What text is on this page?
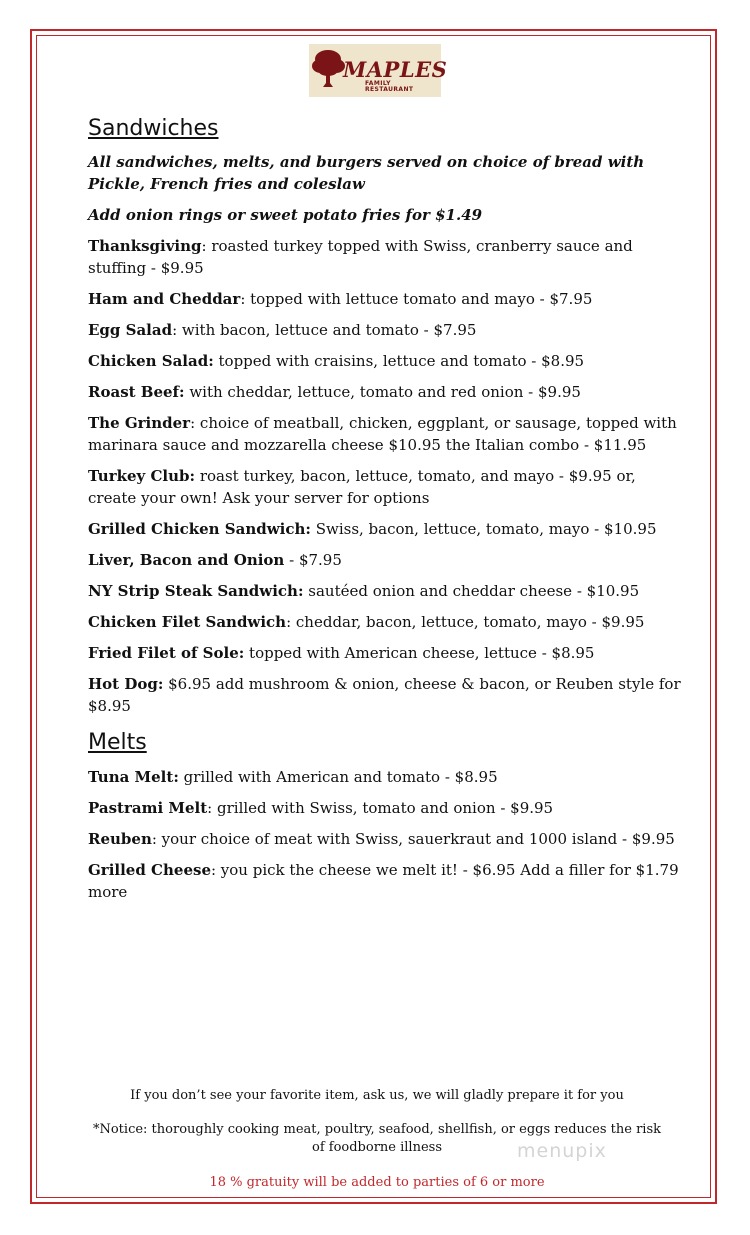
MAPLES
FAMILY RESTAURANT
Sandwiches
All sandwiches, melts, and burgers served on choice of bread with Pickle, French fries and coleslaw
Add onion rings or sweet potato fries for $1.49
Thanksgiving: roasted turkey topped with Swiss, cranberry sauce and stuffing - $9.95
Ham and Cheddar: topped with lettuce tomato and mayo - $7.95
Egg Salad: with bacon, lettuce and tomato - $7.95
Chicken Salad: topped with craisins, lettuce and tomato - $8.95
Roast Beef: with cheddar, lettuce, tomato and red onion - $9.95
The Grinder: choice of meatball, chicken, eggplant, or sausage, topped with marinara sauce and mozzarella cheese $10.95 the Italian combo - $11.95
Turkey Club: roast turkey, bacon, lettuce, tomato, and mayo - $9.95 or, create your own! Ask your server for options
Grilled Chicken Sandwich: Swiss, bacon, lettuce, tomato, mayo - $10.95
Liver, Bacon and Onion - $7.95
NY Strip Steak Sandwich: sautéed onion and cheddar cheese - $10.95
Chicken Filet Sandwich: cheddar, bacon, lettuce, tomato, mayo - $9.95
Fried Filet of Sole: topped with American cheese, lettuce - $8.95
Hot Dog: $6.95 add mushroom & onion, cheese & bacon, or Reuben style for $8.95
Melts
Tuna Melt: grilled with American and tomato - $8.95
Pastrami Melt: grilled with Swiss, tomato and onion - $9.95
Reuben: your choice of meat with Swiss, sauerkraut and 1000 island - $9.95
Grilled Cheese: you pick the cheese we melt it! - $6.95 Add a filler for $1.79 more
If you don’t see your favorite item, ask us, we will gladly prepare it for you
*Notice: thoroughly cooking meat, poultry, seafood, shellfish, or eggs reduces the risk of foodborne illness
18 % gratuity will be added to parties of 6 or more
menupix
